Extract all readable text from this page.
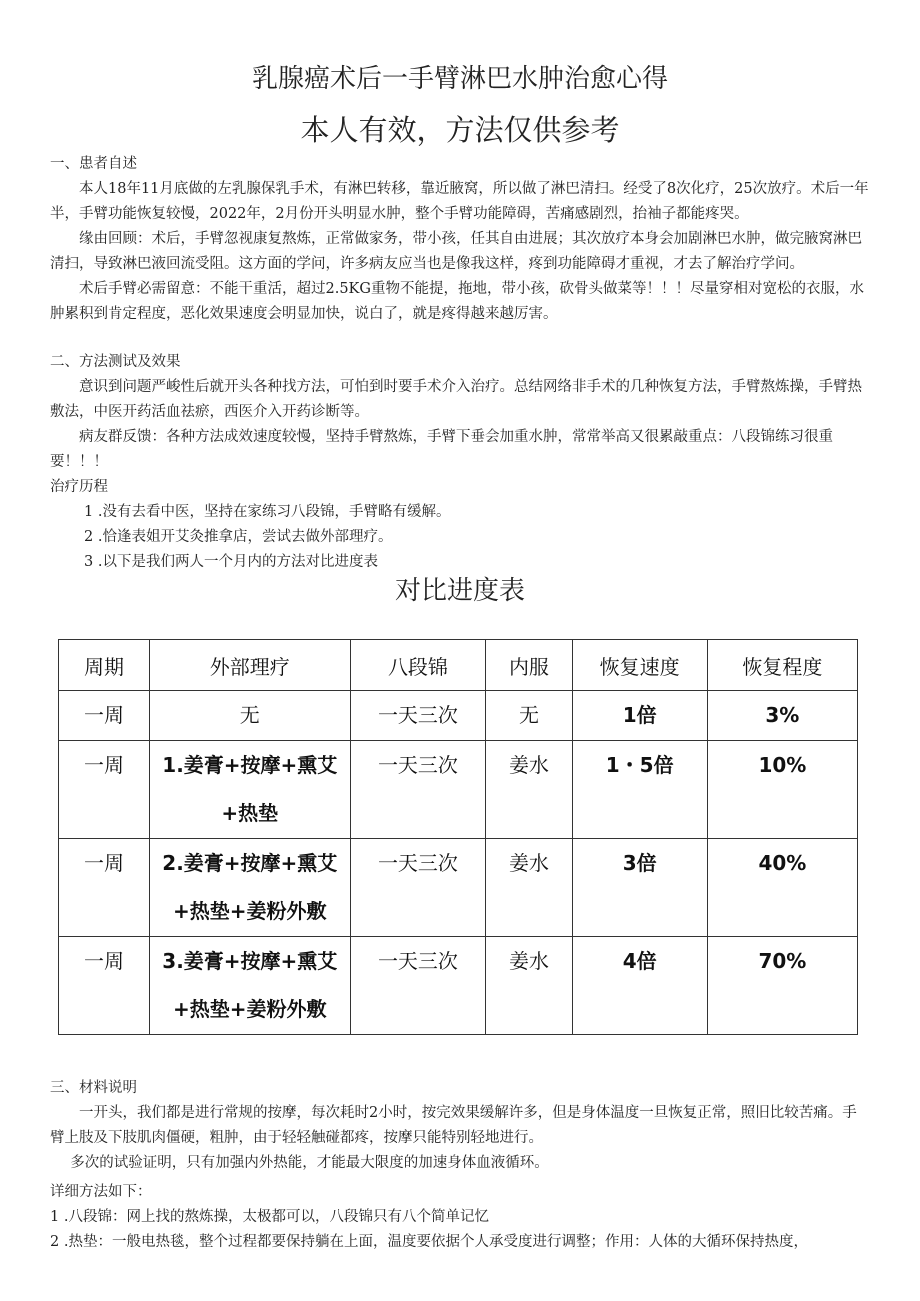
乳腺癌术后一手臂淋巴水肿治愈心得
本人有效，方法仅供参考

一、患者自述

本人18年11月底做的左乳腺保乳手术，有淋巴转移，靠近腋窝，所以做了淋巴清扫。经受了8次化疗，25次放疗。术后一年半，手臂功能恢复较慢，2022年，2月份开头明显水肿，整个手臂功能障碍，苦痛感剧烈，抬袖子都能疼哭。

缘由回顾：术后，手臂忽视康复熬炼，正常做家务，带小孩，任其自由进展；其次放疗本身会加剧淋巴水肿，做完腋窝淋巴清扫，导致淋巴液回流受阻。这方面的学问，许多病友应当也是像我这样，疼到功能障碍才重视，才去了解治疗学问。

术后手臂必需留意：不能干重活，超过2.5KG重物不能提，拖地，带小孩，砍骨头做菜等！！！尽量穿相对宽松的衣服，水肿累积到肯定程度，恶化效果速度会明显加快，说白了，就是疼得越来越厉害。

二、方法测试及效果

意识到问题严峻性后就开头各种找方法，可怕到时要手术介入治疗。总结网络非手术的几种恢复方法，手臂熬炼操，手臂热敷法，中医开药活血祛瘀，西医介入开药诊断等。

病友群反馈：各种方法成效速度较慢，坚持手臂熬炼，手臂下垂会加重水肿，常常举高又很累敲重点：八段锦练习很重要！！！

治疗历程

1 .没有去看中医，坚持在家练习八段锦，手臂略有缓解。
2 .恰逢表姐开艾灸推拿店，尝试去做外部理疗。
3 .以下是我们两人一个月内的方法对比进度表
对比进度表
周期	外部理疗	八段锦	内服	恢复速度	恢复程度
一周	无	一天三次	无	1倍	3%
一周	1.姜膏+按摩+熏艾
+热垫	一天三次	姜水	1・5倍	10%
一周	2.姜膏+按摩+熏艾
+热垫+姜粉外敷	一天三次	姜水	3倍	40%
一周	3.姜膏+按摩+熏艾
+热垫+姜粉外敷	一天三次	姜水	4倍	70%

三、材料说明

一开头，我们都是进行常规的按摩，每次耗时2小时，按完效果缓解许多，但是身体温度一旦恢复正常，照旧比较苦痛。手臂上肢及下肢肌肉僵硬，粗肿，由于轻轻触碰都疼，按摩只能特别轻地进行。

多次的试验证明，只有加强内外热能，才能最大限度的加速身体血液循环。

详细方法如下：

1 .八段锦：网上找的熬炼操，太极都可以，八段锦只有八个简单记忆
2 .热垫：一般电热毯，整个过程都要保持躺在上面，温度要依据个人承受度进行调整；作用：人体的大循环保持热度，
